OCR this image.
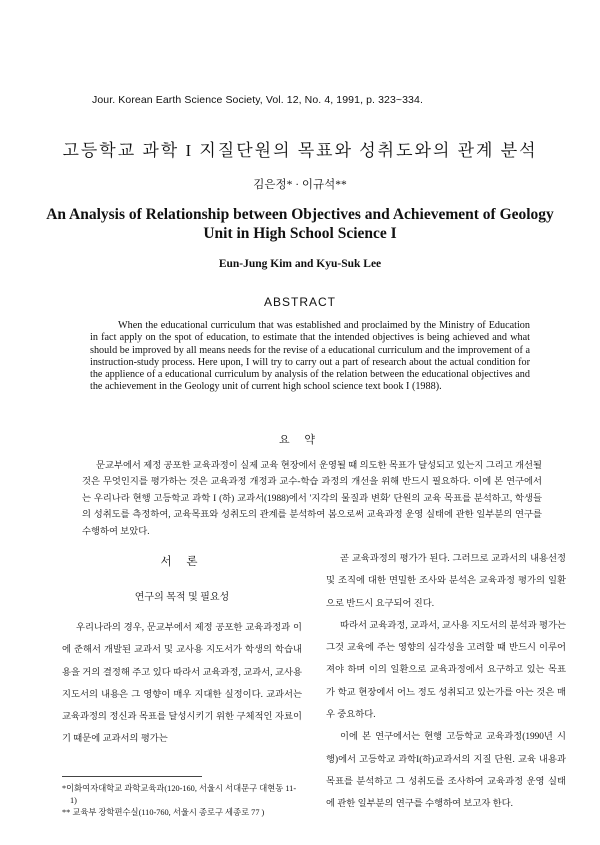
Jour. Korean Earth Science Society, Vol. 12, No. 4, 1991, p. 323~334.
고등학교 과학 I 지질단원의 목표와 성취도와의 관계 분석
김은정* · 이규석**
An Analysis of Relationship between Objectives and Achievement of Geology Unit in High School Science I
Eun-Jung Kim and Kyu-Suk Lee
ABSTRACT

When the educational curriculum that was established and proclaimed by the Ministry of Education in fact apply on the spot of education, to estimate that the intended objectives is being achieved and what should be improved by all means needs for the revise of a educational curriculum and the improvement of a instruction-study process. Here upon, I will try to carry out a part of research about the actual condition for the applience of a educational curriculum by analysis of the relation between the educational objectives and the achievement in the Geology unit of current high school science text book I (1988).

요 약

문교부에서 제정 공포한 교육과정이 실제 교육 현장에서 운영될 때 의도한 목표가 달성되고 있는지 그리고 개선될 것은 무엇인지를 평가하는 것은 교육과정 개정과 교수-학습 과정의 개선을 위해 반드시 필요하다. 이에 본 연구에서는 우리나라 현행 고등학교 과학 I (하) 교과서(1988)에서 '지각의 물질과 변화' 단원의 교육 목표를 분석하고, 학생들의 성취도를 측정하여, 교육목표와 성취도의 관계를 분석하여 봄으로써 교육과정 운영 실태에 관한 일부분의 연구를 수행하여 보았다.

서 론
연구의 목적 및 필요성

우리나라의 경우, 문교부에서 제정 공포한 교육과정과 이에 준해서 개발된 교과서 및 교사용 지도서가 학생의 학습내용을 거의 결정해 주고 있다 따라서 교육과정, 교과서, 교사용 지도서의 내용은 그 영향이 매우 지대한 실정이다. 교과서는 교육과정의 정신과 목표를 달성시키기 위한 구체적인 자료이기 때문에 교과서의 평가는

곧 교육과정의 평가가 된다. 그러므로 교과서의 내용선정 및 조직에 대한 면밀한 조사와 분석은 교육과정 평가의 일환으로 반드시 요구되어 진다.

따라서 교육과정, 교과서, 교사용 지도서의 분석과 평가는 그것 교육에 주는 영향의 심각성을 고려할 때 반드시 이루어져야 하며 이의 일환으로 교육과정에서 요구하고 있는 목표가 학교 현장에서 어느 정도 성취되고 있는가를 아는 것은 매우 중요하다.

이에 본 연구에서는 현행 고등학교 교육과정(1990년 시행)에서 고등학교 과학I(하)교과서의 지질 단원. 교육 내용과 목표를 분석하고 그 성취도를 조사하여 교육과정 운영 실태에 관한 일부분의 연구를 수행하여 보고자 한다.

*이화여자대학교 과학교육과(120-160, 서울시 서대문구 대현동 11-1)
** 교육부 장학편수실(110-760, 서울시 종로구 세종로 77 )
